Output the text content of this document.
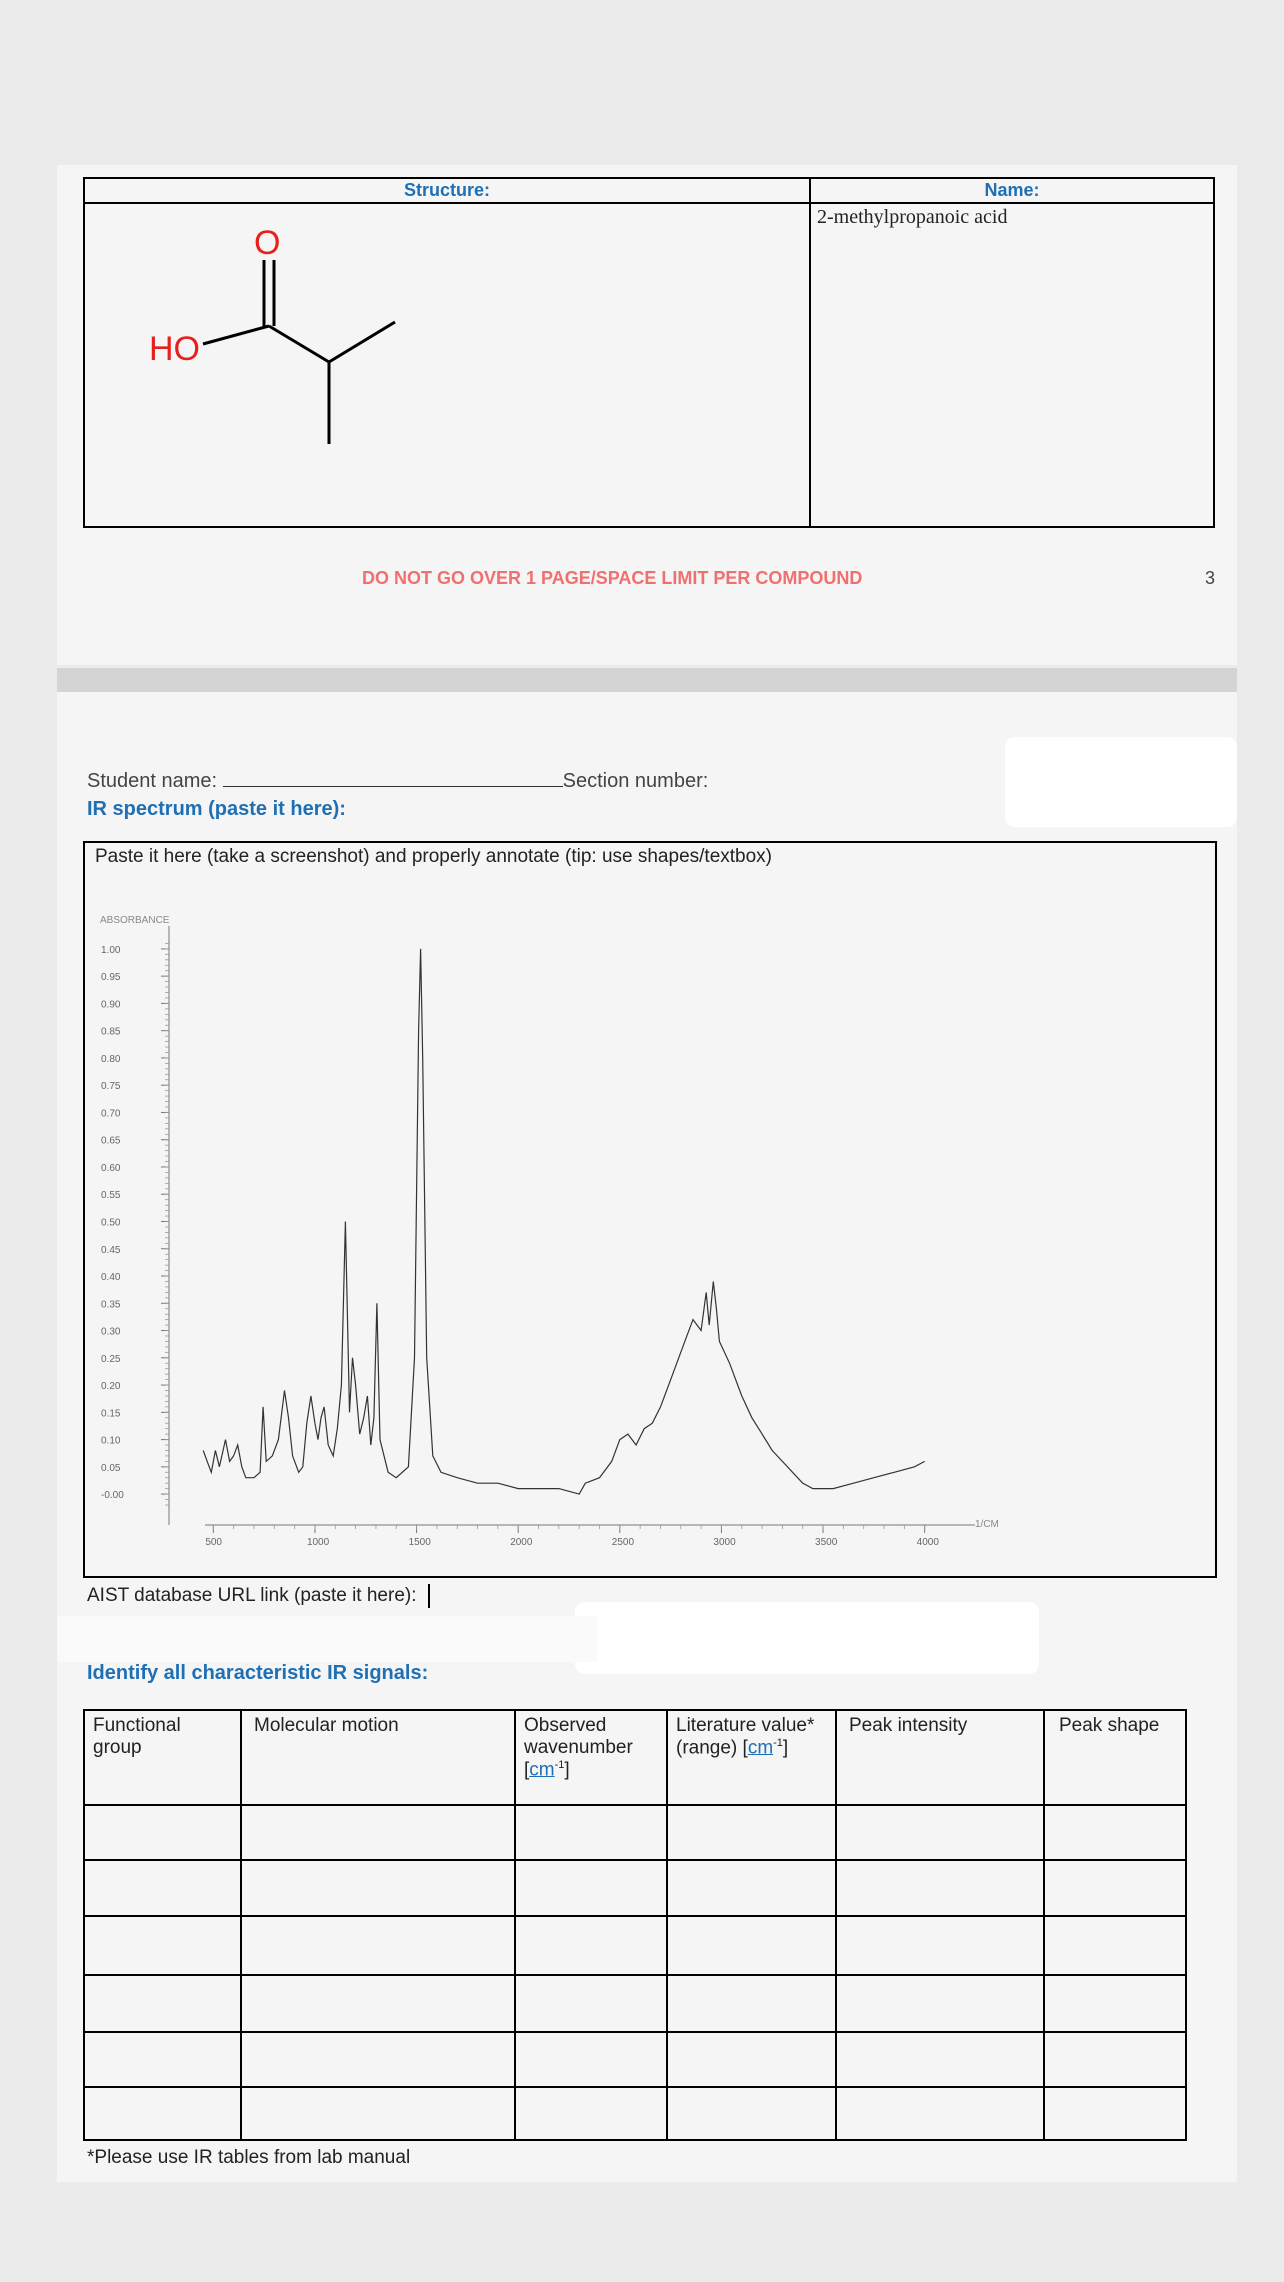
Structure:	Name:

O
HO	2-methylpropanoic acid
DO NOT GO OVER 1 PAGE/SPACE LIMIT PER COMPOUND	3
Student name:	Section number:
IR spectrum (paste it here):
Paste it here (take a screenshot) and properly annotate (tip: use shapes/textbox)
ABSORBANCE
1.00
0.95
0.90
0.85
0.80
0.75
0.70
0.65
0.60
0.55
0.50
0.45
0.40
0.35
0.30
0.25
0.20
0.15
0.10
0.05
-0.00
500	1000	1500	2000	2500	3000	3500	4000
1/CM
AIST database URL link (paste it here):
Identify all characteristic IR signals:
Functional group	Molecular motion	Observed wavenumber $[cm^{-1}]$	Literature value* (range) $[cm^{-1}]$	Peak intensity	Peak shape

*Please use IR tables from lab manual
